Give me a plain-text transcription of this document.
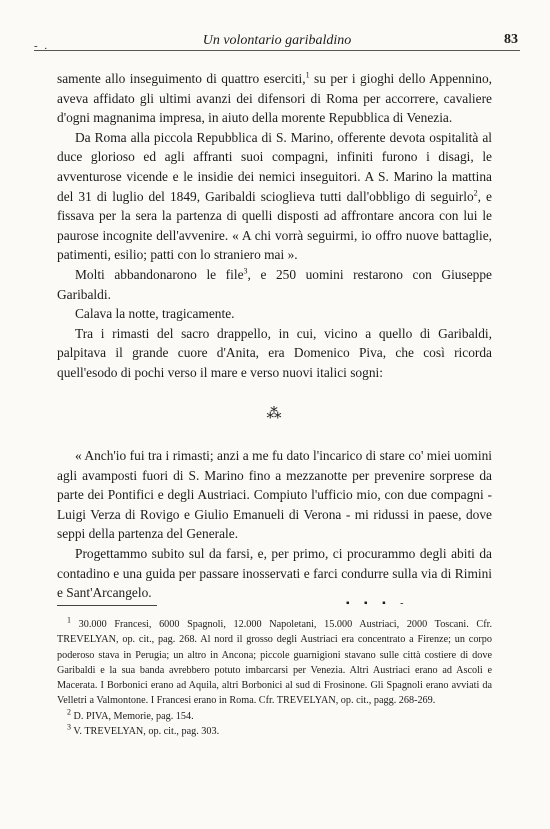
- .	Un volontario garibaldino	83

samente allo inseguimento di quattro eserciti,$^1$ su per i gioghi dello Appennino, aveva affidato gli ultimi avanzi dei difensori di Roma per accorrere, cavaliere d'ogni magnanima impresa, in aiuto della morente Repubblica di Venezia.

Da Roma alla piccola Repubblica di S. Marino, offerente devota ospitalità al duce glorioso ed agli affranti suoi compagni, infiniti furono i disagi, le avventurose vicende e le insidie dei nemici inseguitori. A S. Marino la mattina del 31 di luglio del 1849, Garibaldi scioglieva tutti dall'obbligo di seguirlo$^2$, e fissava per la sera la partenza di quelli disposti ad affrontare ancora con lui le paurose incognite dell'avvenire. « A chi vorrà seguirmi, io offro nuove battaglie, patimenti, esilio; patti con lo straniero mai ».

Molti abbandonarono le file$^3$, e 250 uomini restarono con Giuseppe Garibaldi.

Calava la notte, tragicamente.

Tra i rimasti del sacro drappello, in cui, vicino a quello di Garibaldi, palpitava il grande cuore d'Anita, era Domenico Piva, che così ricorda quell'esodo di pochi verso il mare e verso nuovi italici sogni:

⁂

« Anch'io fui tra i rimasti; anzi a me fu dato l'incarico di stare co' miei uomini agli avamposti fuori di S. Marino fino a mezzanotte per prevenire sorprese da parte dei Pontifici e degli Austriaci. Compiuto l'ufficio mio, con due compagni - Luigi Verza di Rovigo e Giulio Emanueli di Verona - mi ridussi in paese, dove seppi della partenza del Generale.

Progettammo subito sul da farsi, e, per primo, ci procurammo degli abiti da contadino e una guida per passare inosservati e farci condurre sulla via di Rimini e Sant'Arcangelo.

▪ ▪ ▪ -

$^1$ 30.000 Francesi, 6000 Spagnoli, 12.000 Napoletani, 15.000 Austriaci, 2000 Toscani. Cfr. TREVELYAN, op. cit., pag. 268. Al nord il grosso degli Austriaci era concentrato a Firenze; un corpo poderoso stava in Perugia; un altro in Ancona; piccole guarnigioni stavano sulle città costiere di dove Garibaldi e la sua banda avrebbero potuto imbarcarsi per Venezia. Altri Austriaci erano ad Ascoli e Macerata. I Borbonici erano ad Aquila, altri Borbonici al sud di Frosinone. Gli Spagnoli erano avviati da Velletri a Valmontone. I Francesi erano in Roma. Cfr. TREVELYAN, op. cit., pagg. 268-269.

$^2$ D. PIVA, Memorie, pag. 154.

$^3$ V. TREVELYAN, op. cit., pag. 303.
